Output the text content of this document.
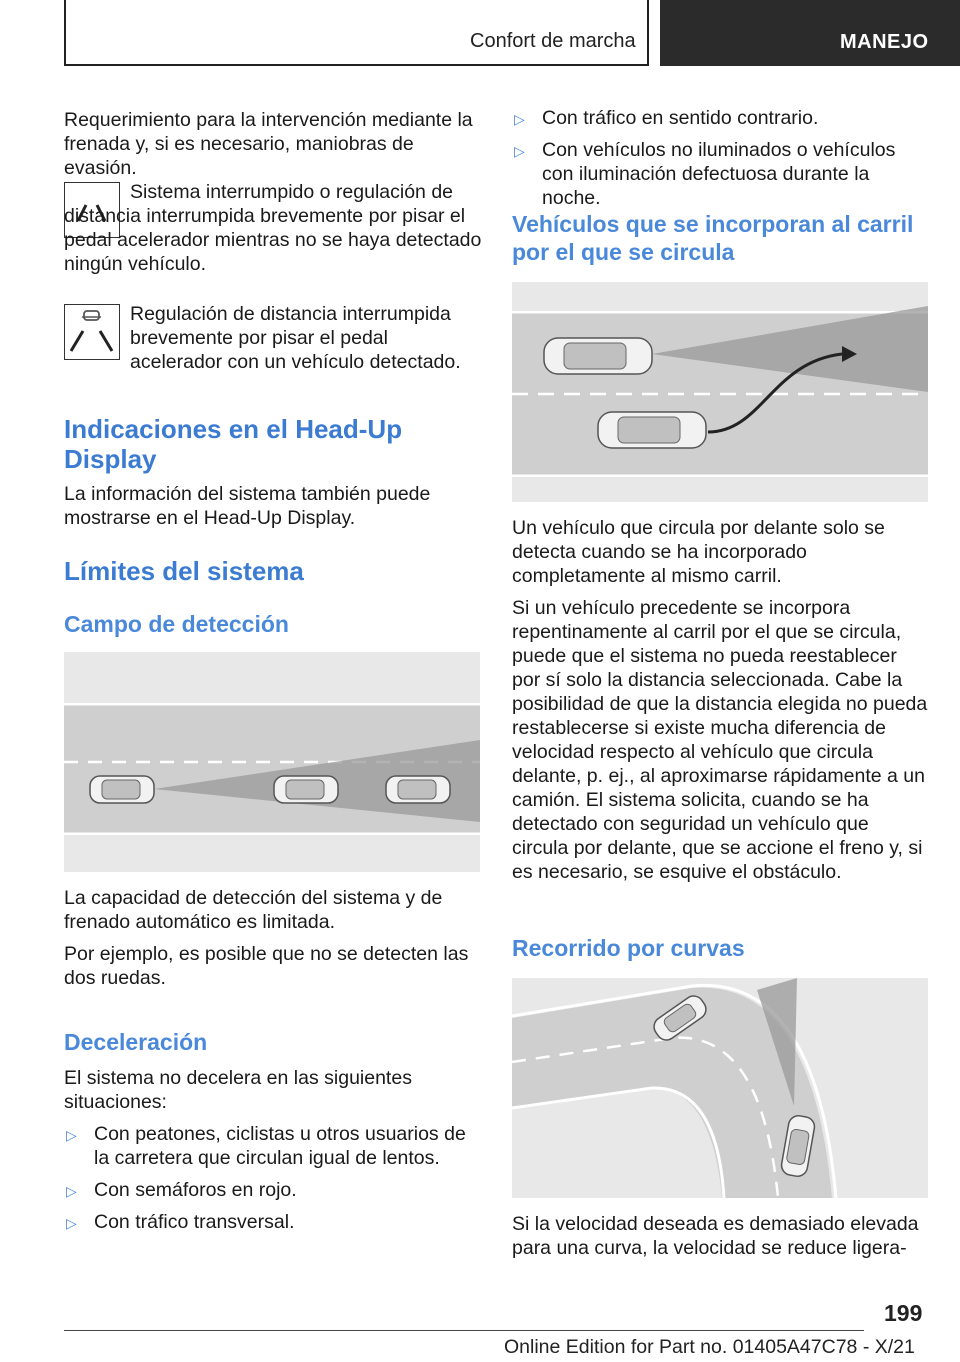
Confort de marcha	MANEJO
Requerimiento para la intervención mediante la frenada y, si es necesario, maniobras de evasión.
Sistema interrumpido o regulación de distancia interrumpida brevemente por pisar el pedal acelerador mientras no se haya detectado ningún vehículo.
Regulación de distancia interrumpida brevemente por pisar el pedal acelerador con un vehículo detectado.
Indicaciones en el Head-Up Display
La información del sistema también puede mostrarse en el Head-Up Display.
Límites del sistema
Campo de detección
La capacidad de detección del sistema y de frenado automático es limitada.
Por ejemplo, es posible que no se detecten las dos ruedas.
Deceleración
El sistema no decelera en las siguientes situaciones:
▷ Con peatones, ciclistas u otros usuarios de la carretera que circulan igual de lentos.
▷ Con semáforos en rojo.
▷ Con tráfico transversal.
▷ Con tráfico en sentido contrario.
▷ Con vehículos no iluminados o vehículos con iluminación defectuosa durante la noche.
Vehículos que se incorporan al carril por el que se circula
Un vehículo que circula por delante solo se detecta cuando se ha incorporado completamente al mismo carril.
Si un vehículo precedente se incorpora repentinamente al carril por el que se circula, puede que el sistema no pueda reestablecer por sí solo la distancia seleccionada. Cabe la posibilidad de que la distancia elegida no pueda restablecerse si existe mucha diferencia de velocidad respecto al vehículo que circula delante, p. ej., al aproximarse rápidamente a un camión. El sistema solicita, cuando se ha detectado con seguridad un vehículo que circula por delante, que se accione el freno y, si es necesario, se esquive el obstáculo.
Recorrido por curvas
Si la velocidad deseada es demasiado elevada para una curva, la velocidad se reduce ligera-
199
Online Edition for Part no. 01405A47C78 - X/21
